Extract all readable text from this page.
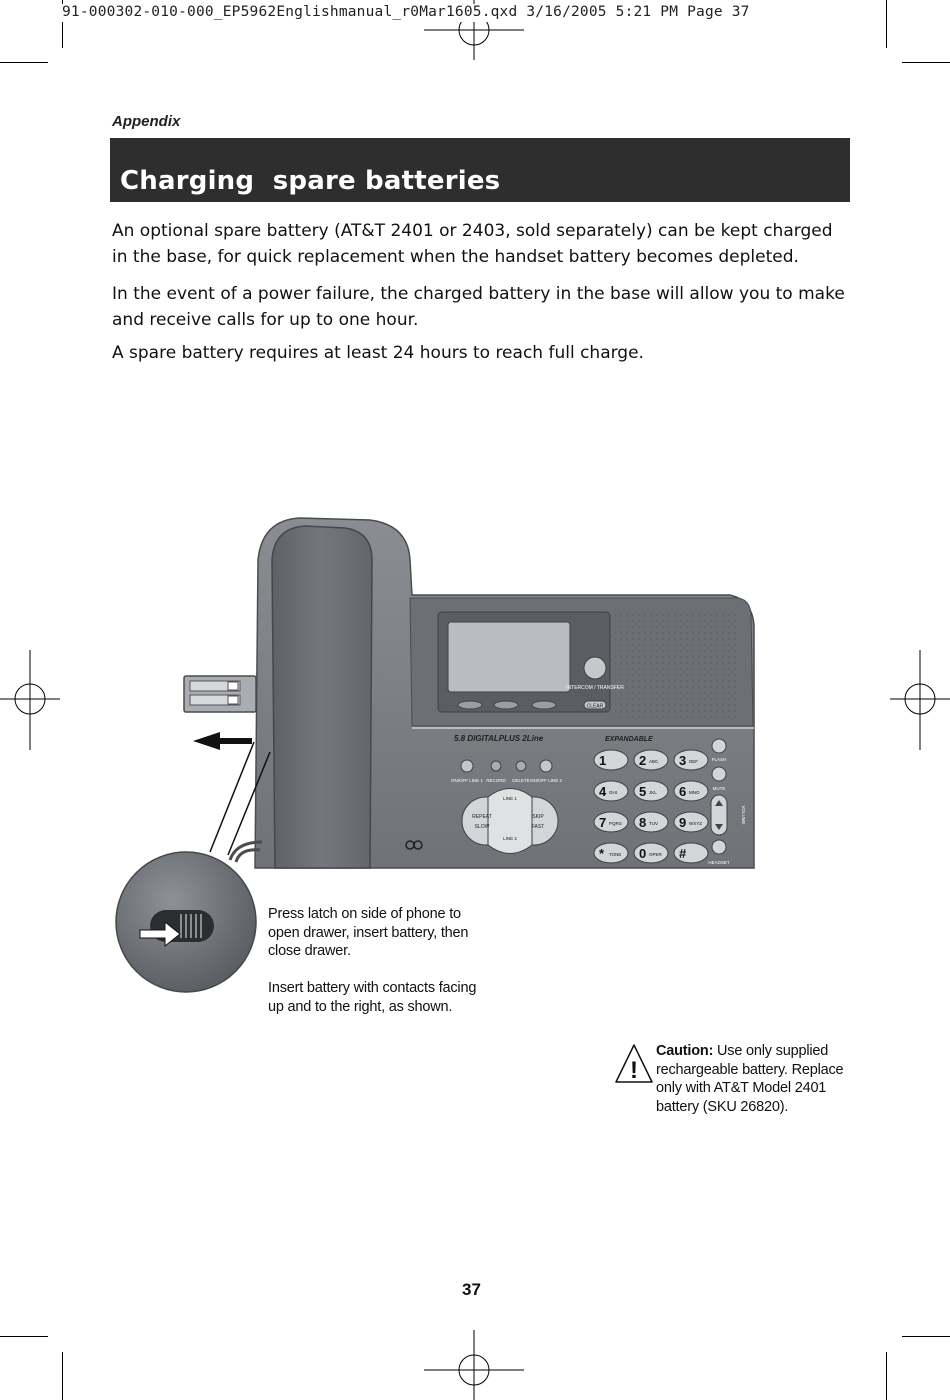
91-000302-010-000_EP5962Englishmanual_r0Mar1605.qxd 3/16/2005 5:21 PM Page 37
Appendix
Charging  spare batteries

An optional spare battery (AT&T 2401 or 2403, sold separately) can be kept charged in the base, for quick replacement when the handset battery becomes depleted.

In the event of a power failure, the charged battery in the base will allow you to make and receive calls for up to one hour.

A spare battery requires at least 24 hours to reach full charge.

INTERCOM / TRANSFER
CLEAR
5.8 DIGITALPLUS 2Line	EXPANDABLE
ON/OFF LINE 1 RECORD DELETE ON/OFF LINE 2
LINE 1
LINE 2
REPEAT
SLOW
SKIP
FAST
1	2 ABC 3 DEF
4 GHI 5 JKL 6 MNO
7 PQRS 8 TUV 9 WXYZ
* TONE 0 OPER #
FLASH
MUTE
VOLUME
HEADSET
!
Press latch on side of phone to open drawer, insert battery, then close drawer.
Insert battery with contacts facing up and to the right, as shown.
Caution: Use only supplied rechargeable battery. Replace only with AT&T Model 2401 battery (SKU 26820).
37
